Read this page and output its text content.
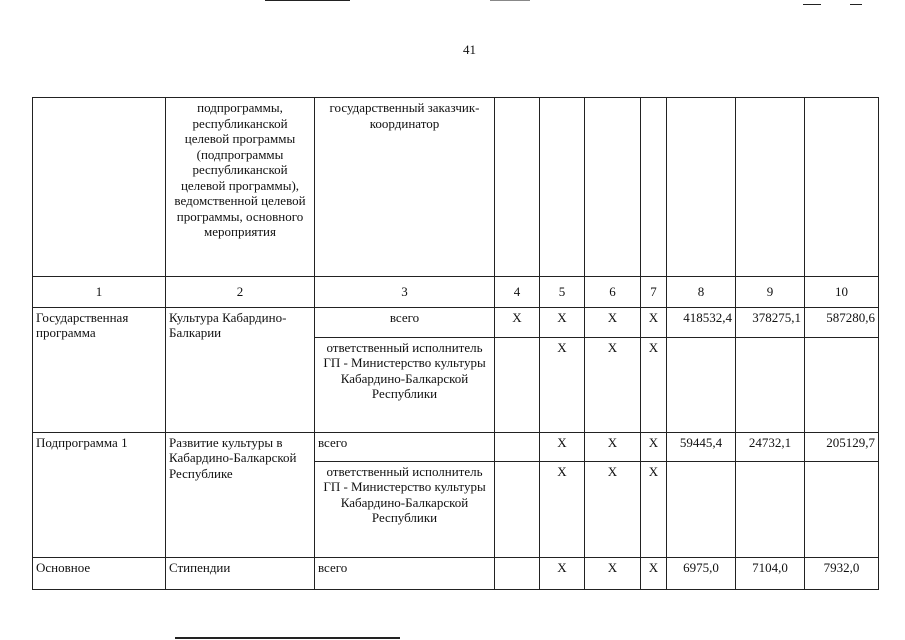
41
	подпрограммы, республиканской целевой программы (подпрограммы республиканской целевой программы), ведомственной целевой программы, основного мероприятия	государственный заказчик-координатор							
1	2	3	4	5	6	7	8	9	10
Государственная программа	Культура Кабардино-Балкарии	всего	Х	Х	Х	Х	418532,4	378275,1	587280,6
		ответственный исполнитель ГП - Министерство культуры Кабардино-Балкарской Республики		Х	Х	Х			
Подпрограмма 1	Развитие культуры в Кабардино-Балкарской Республике	всего		Х	Х	Х	59445,4	24732,1	205129,7
		ответственный исполнитель ГП - Министерство культуры Кабардино-Балкарской Республики		Х	Х	Х			
Основное	Стипендии	всего		Х	Х	Х	6975,0	7104,0	7932,0
